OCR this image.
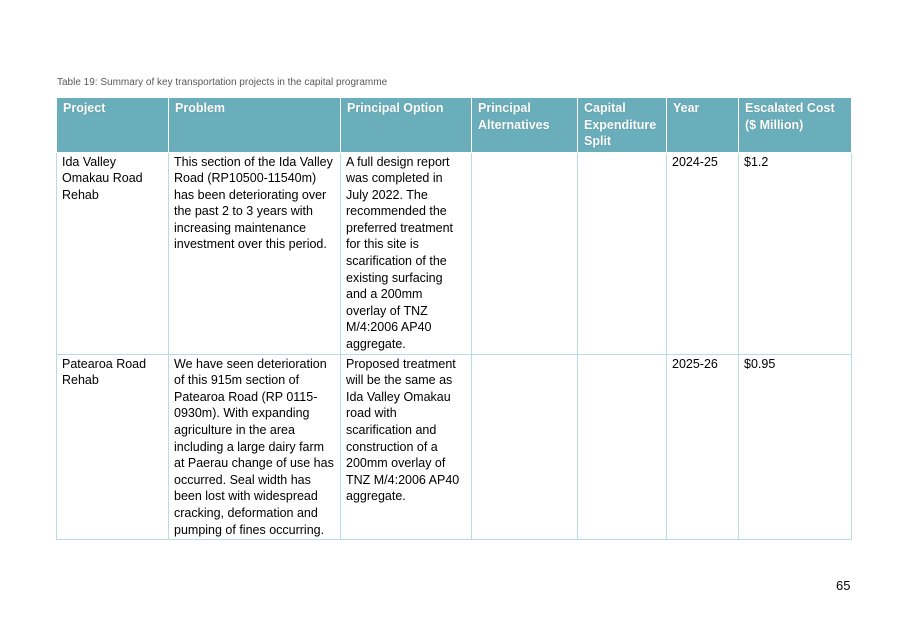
Table 19: Summary of key transportation projects in the capital programme
Project	Problem	Principal Option	Principal Alternatives	Capital Expenditure Split	Year	Escalated Cost ($ Million)
Ida Valley Omakau Road Rehab	This section of the Ida Valley Road (RP10500-11540m) has been deteriorating over the past 2 to 3 years with increasing maintenance investment over this period.	A full design report was completed in July 2022. The recommended the preferred treatment for this site is scarification of the existing surfacing and a 200mm overlay of TNZ M/4:2006 AP40 aggregate.			2024-25	$1.2
Patearoa Road Rehab	We have seen deterioration of this 915m section of Patearoa Road (RP 0115-0930m). With expanding agriculture in the area including a large dairy farm at Paerau change of use has occurred. Seal width has been lost with widespread cracking, deformation and pumping of fines occurring.	Proposed treatment will be the same as Ida Valley Omakau road with scarification and construction of a 200mm overlay of TNZ M/4:2006 AP40 aggregate.			2025-26	$0.95
65
